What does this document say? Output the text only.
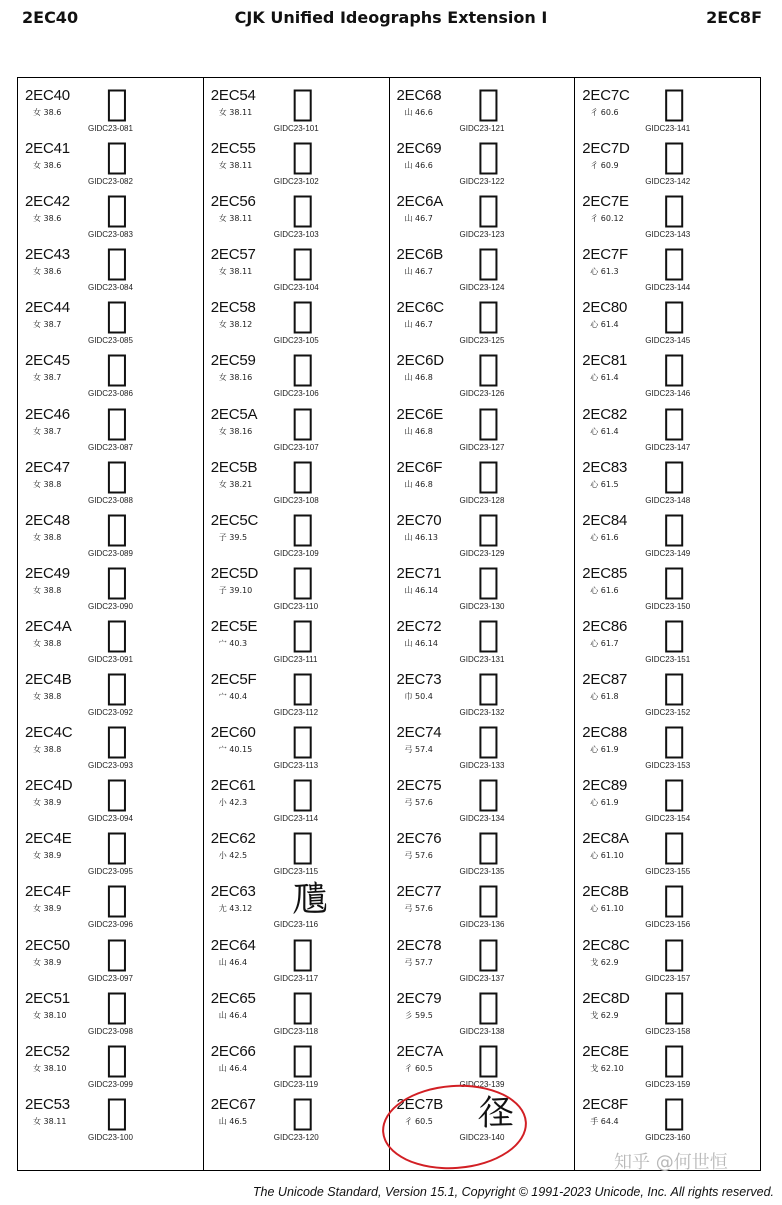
2EC40	CJK Unified Ideographs Extension I	2EC8F
2EC40
女 38.6 𮱀
GIDC23-081
2EC41
女 38.6 𮱁
GIDC23-082
2EC42
女 38.6 𮱂
GIDC23-083
2EC43
女 38.6 𮱃
GIDC23-084
2EC44
女 38.7 𮱄
GIDC23-085
2EC45
女 38.7 𮱅
GIDC23-086
2EC46
女 38.7 𮱆
GIDC23-087
2EC47
女 38.8 𮱇
GIDC23-088
2EC48
女 38.8 𮱈
GIDC23-089
2EC49
女 38.8 𮱉
GIDC23-090
2EC4A
女 38.8 𮱊
GIDC23-091
2EC4B
女 38.8 𮱋
GIDC23-092
2EC4C
女 38.8 𮱌
GIDC23-093
2EC4D
女 38.9 𮱍
GIDC23-094
2EC4E
女 38.9 𮱎
GIDC23-095
2EC4F
女 38.9 𮱏
GIDC23-096
2EC50
女 38.9 𮱐
GIDC23-097
2EC51
女 38.10 𮱑
GIDC23-098
2EC52
女 38.10 𮱒
GIDC23-099
2EC53
女 38.11 𮱓
GIDC23-100
2EC54
女 38.11 𮱔
GIDC23-101
2EC55
女 38.11 𮱕
GIDC23-102
2EC56
女 38.11 𮱖
GIDC23-103
2EC57
女 38.11 𮱗
GIDC23-104
2EC58
女 38.12 𮱘
GIDC23-105
2EC59
女 38.16 𮱙
GIDC23-106
2EC5A
女 38.16 𮱚
GIDC23-107
2EC5B
女 38.21 𮱛
GIDC23-108
2EC5C
子 39.5 𮱜
GIDC23-109
2EC5D
子 39.10 𮱝
GIDC23-110
2EC5E
宀 40.3 𮱞
GIDC23-111
2EC5F
宀 40.4 𮱟
GIDC23-112
2EC60
宀 40.15 𮱠
GIDC23-113
2EC61
小 42.3 𮱡
GIDC23-114
2EC62
小 42.5 𮱢
GIDC23-115
2EC63
尢 43.12 𮱣
GIDC23-116
2EC64
山 46.4 𮱤
GIDC23-117
2EC65
山 46.4 𮱥
GIDC23-118
2EC66
山 46.4 𮱦
GIDC23-119
2EC67
山 46.5 𮱧
GIDC23-120
2EC68
山 46.6 𮱨
GIDC23-121
2EC69
山 46.6 𮱩
GIDC23-122
2EC6A
山 46.7 𮱪
GIDC23-123
2EC6B
山 46.7 𮱫
GIDC23-124
2EC6C
山 46.7 𮱬
GIDC23-125
2EC6D
山 46.8 𮱭
GIDC23-126
2EC6E
山 46.8 𮱮
GIDC23-127
2EC6F
山 46.8 𮱯
GIDC23-128
2EC70
山 46.13 𮱰
GIDC23-129
2EC71
山 46.14 𮱱
GIDC23-130
2EC72
山 46.14 𮱲
GIDC23-131
2EC73
巾 50.4 𮱳
GIDC23-132
2EC74
弓 57.4 𮱴
GIDC23-133
2EC75
弓 57.6 𮱵
GIDC23-134
2EC76
弓 57.6 𮱶
GIDC23-135
2EC77
弓 57.6 𮱷
GIDC23-136
2EC78
弓 57.7 𮱸
GIDC23-137
2EC79
彡 59.5 𮱹
GIDC23-138
2EC7A
彳 60.5 𮱺
GIDC23-139
2EC7B
彳 60.5 𮱻
GIDC23-140
2EC7C
彳 60.6 𮱼
GIDC23-141
2EC7D
彳 60.9 𮱽
GIDC23-142
2EC7E
彳 60.12 𮱾
GIDC23-143
2EC7F
心 61.3 𮱿
GIDC23-144
2EC80
心 61.4 𮲀
GIDC23-145
2EC81
心 61.4 𮲁
GIDC23-146
2EC82
心 61.4 𮲂
GIDC23-147
2EC83
心 61.5 𮲃
GIDC23-148
2EC84
心 61.6 𮲄
GIDC23-149
2EC85
心 61.6 𮲅
GIDC23-150
2EC86
心 61.7 𮲆
GIDC23-151
2EC87
心 61.8 𮲇
GIDC23-152
2EC88
心 61.9 𮲈
GIDC23-153
2EC89
心 61.9 𮲉
GIDC23-154
2EC8A
心 61.10 𮲊
GIDC23-155
2EC8B
心 61.10 𮲋
GIDC23-156
2EC8C
戈 62.9 𮲌
GIDC23-157
2EC8D
戈 62.9 𮲍
GIDC23-158
2EC8E
戈 62.10 𮲎
GIDC23-159
2EC8F
手 64.4 𮲏
GIDC23-160
知乎 @何世恒
The Unicode Standard, Version 15.1, Copyright © 1991-2023 Unicode, Inc. All rights reserved.
